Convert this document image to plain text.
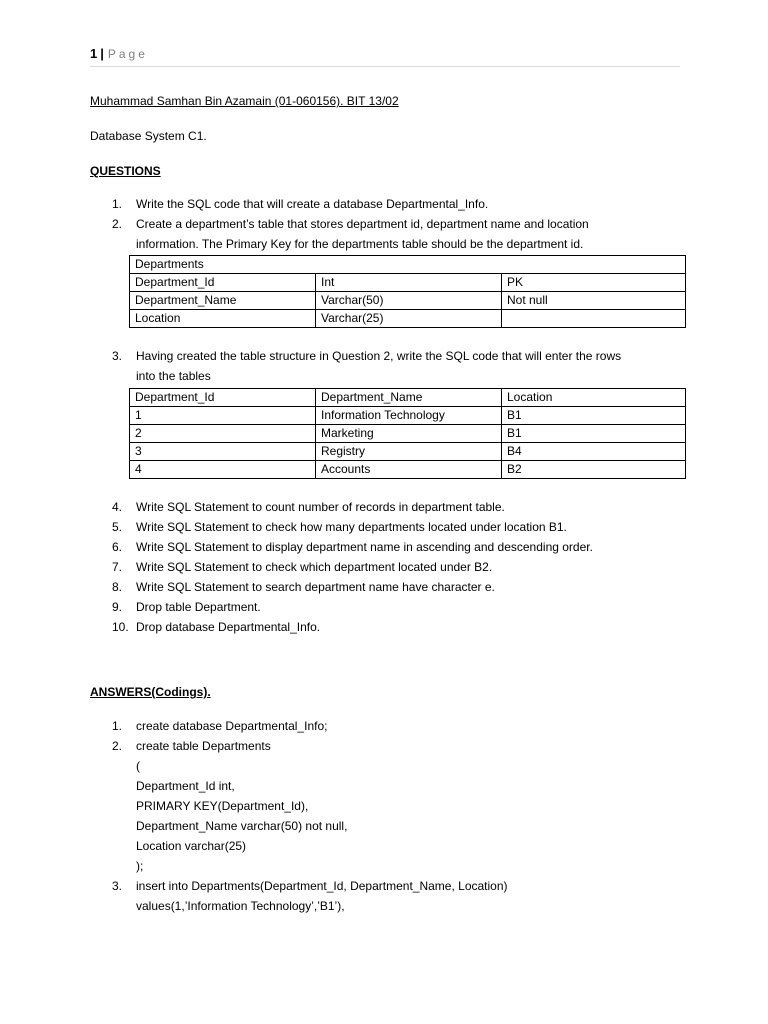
1 | Page
Muhammad Samhan Bin Azamain (01-060156). BIT 13/02
Database System C1.
QUESTIONS
1.	Write the SQL code that will create a database Departmental_Info.
2.	Create a department’s table that stores department id, department name and location
information. The Primary Key for the departments table should be the department id.
Departments		
Department_Id	Int	PK
Department_Name	Varchar(50)	Not null
Location	Varchar(25)	
3.	Having created the table structure in Question 2, write the SQL code that will enter the rows
into the tables
Department_Id	Department_Name	Location
1	Information Technology	B1
2	Marketing	B1
3	Registry	B4
4	Accounts	B2
4.	Write SQL Statement to count number of records in department table.
5.	Write SQL Statement to check how many departments located under location B1.
6.	Write SQL Statement to display department name in ascending and descending order.
7.	Write SQL Statement to check which department located under B2.
8.	Write SQL Statement to search department name have character e.
9.	Drop table Department.
10. Drop database Departmental_Info.
ANSWERS(Codings).
1.	create database Departmental_Info;
2.	create table Departments
(
Department_Id int,
PRIMARY KEY(Department_Id),
Department_Name varchar(50) not null,
Location varchar(25)
);
3.	insert into Departments(Department_Id, Department_Name, Location)
values(1,’Information Technology’,’B1’),
